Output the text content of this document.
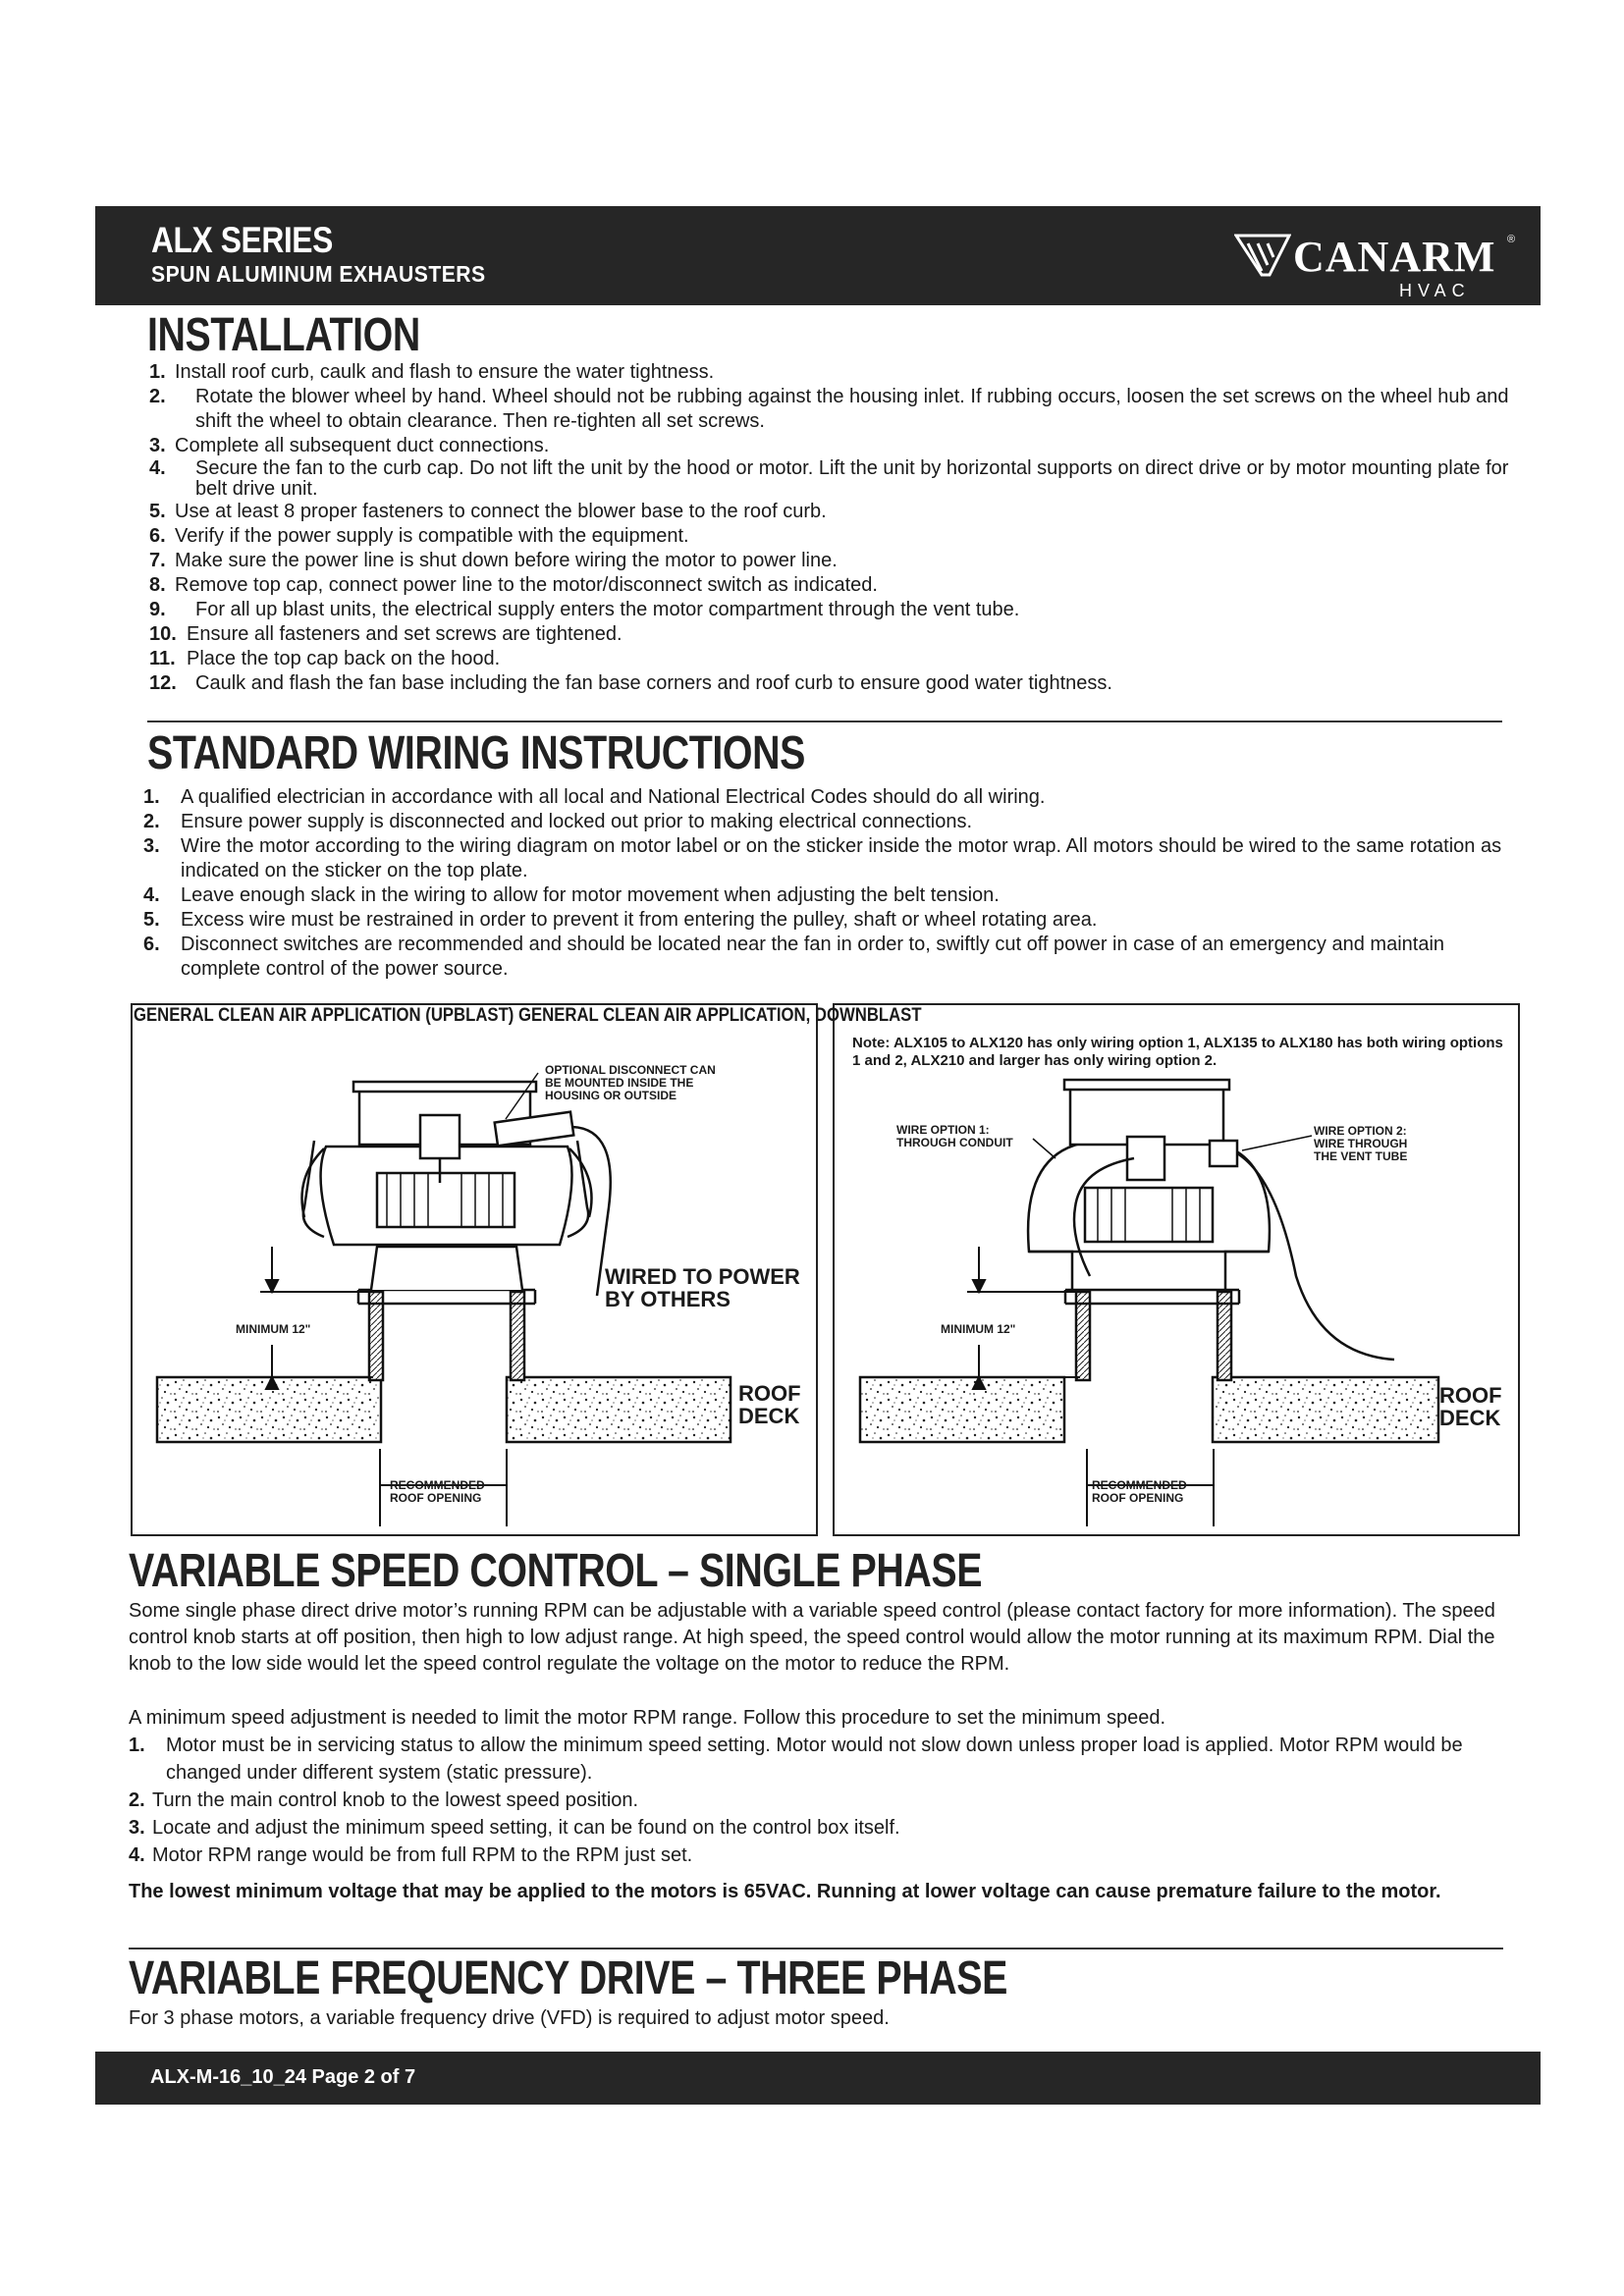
ALX SERIES
SPUN ALUMINUM EXHAUSTERS	CANARM ®
HVAC
INSTALLATION
1. Install roof curb, caulk and flash to ensure the water tightness.
2. Rotate the blower wheel by hand. Wheel should not be rubbing against the housing inlet. If rubbing occurs, loosen the set screws on the wheel hub and shift the wheel to obtain clearance. Then re-tighten all set screws.
3. Complete all subsequent duct connections.
4. Secure the fan to the curb cap. Do not lift the unit by the hood or motor. Lift the unit by horizontal supports on direct drive or by motor mounting plate for belt drive unit.
5. Use at least 8 proper fasteners to connect the blower base to the roof curb.
6. Verify if the power supply is compatible with the equipment.
7. Make sure the power line is shut down before wiring the motor to power line.
8. Remove top cap, connect power line to the motor/disconnect switch as indicated.
9. For all up blast units, the electrical supply enters the motor compartment through the vent tube.
10. Ensure all fasteners and set screws are tightened.
11. Place the top cap back on the hood.
12. Caulk and flash the fan base including the fan base corners and roof curb to ensure good water tightness.
STANDARD WIRING INSTRUCTIONS
1. A qualified electrician in accordance with all local and National Electrical Codes should do all wiring.
2. Ensure power supply is disconnected and locked out prior to making electrical connections.
3. Wire the motor according to the wiring diagram on motor label or on the sticker inside the motor wrap. All motors should be wired to the same rotation as indicated on the sticker on the top plate.
4. Leave enough slack in the wiring to allow for motor movement when adjusting the belt tension.
5. Excess wire must be restrained in order to prevent it from entering the pulley, shaft or wheel rotating area.
6. Disconnect switches are recommended and should be located near the fan in order to, swiftly cut off power in case of an emergency and maintain complete control of the power source.
GENERAL CLEAN AIR APPLICATION (UPBLAST) GENERAL CLEAN AIR APPLICATION, DOWNBLAST
Note: ALX105 to ALX120 has only wiring option 1, ALX135 to ALX180 has both wiring options 1 and 2, ALX210 and larger has only wiring option 2.
OPTIONAL DISCONNECT CAN
BE MOUNTED INSIDE THE
HOUSING OR OUTSIDE
WIRED TO POWER
BY OTHERS
MINIMUM 12"	MINIMUM 12"
ROOF
DECK
ROOF
DECK
RECOMMENDED
ROOF OPENING
RECOMMENDED
ROOF OPENING
WIRE OPTION 1:
THROUGH CONDUIT
WIRE OPTION 2:
WIRE THROUGH
THE VENT TUBE
VARIABLE SPEED CONTROL – SINGLE PHASE

Some single phase direct drive motor’s running RPM can be adjustable with a variable speed control (please contact factory for more information). The speed control knob starts at off position, then high to low adjust range. At high speed, the speed control would allow the motor running at its maximum RPM. Dial the knob to the low side would let the speed control regulate the voltage on the motor to reduce the RPM.

A minimum speed adjustment is needed to limit the motor RPM range. Follow this procedure to set the minimum speed.

1. Motor must be in servicing status to allow the minimum speed setting. Motor would not slow down unless proper load is applied. Motor RPM would be changed under different system (static pressure).
2. Turn the main control knob to the lowest speed position.
3. Locate and adjust the minimum speed setting, it can be found on the control box itself.
4. Motor RPM range would be from full RPM to the RPM just set.

The lowest minimum voltage that may be applied to the motors is 65VAC. Running at lower voltage can cause premature failure to the motor.

VARIABLE FREQUENCY DRIVE – THREE PHASE

For 3 phase motors, a variable frequency drive (VFD) is required to adjust motor speed.

ALX-M-16_10_24 Page 2 of 7
